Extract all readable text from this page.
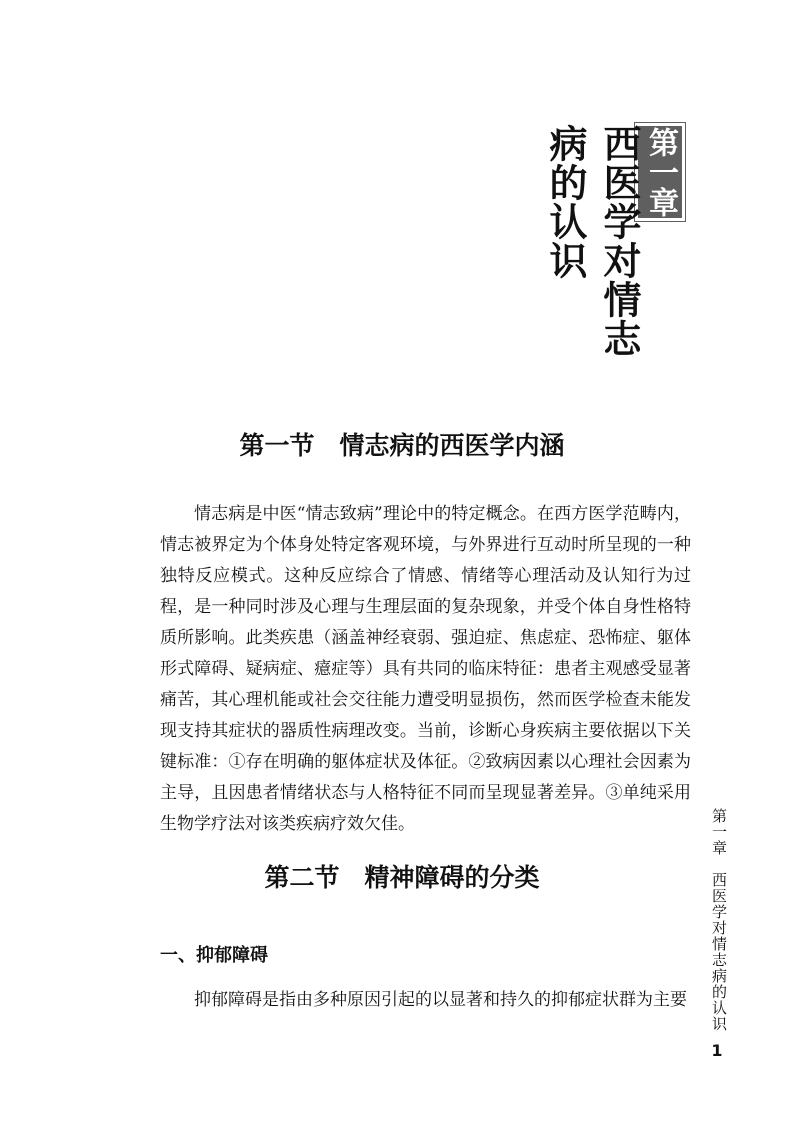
第一章
西医学对情志病的认识
第一节　情志病的西医学内涵

情志病是中医“情志致病”理论中的特定概念。在西方医学范畴内，情志被界定为个体身处特定客观环境，与外界进行互动时所呈现的一种独特反应模式。这种反应综合了情感、情绪等心理活动及认知行为过程，是一种同时涉及心理与生理层面的复杂现象，并受个体自身性格特质所影响。此类疾患（涵盖神经衰弱、强迫症、焦虑症、恐怖症、躯体形式障碍、疑病症、癔症等）具有共同的临床特征：患者主观感受显著痛苦，其心理机能或社会交往能力遭受明显损伤，然而医学检查未能发现支持其症状的器质性病理改变。当前，诊断心身疾病主要依据以下关键标准：①存在明确的躯体症状及体征。②致病因素以心理社会因素为主导，且因患者情绪状态与人格特征不同而呈现显著差异。③单纯采用生物学疗法对该类疾病疗效欠佳。

第二节　精神障碍的分类
一、抑郁障碍

抑郁障碍是指由多种原因引起的以显著和持久的抑郁症状群为主要	第一章　西医学对情志病的认识
1
